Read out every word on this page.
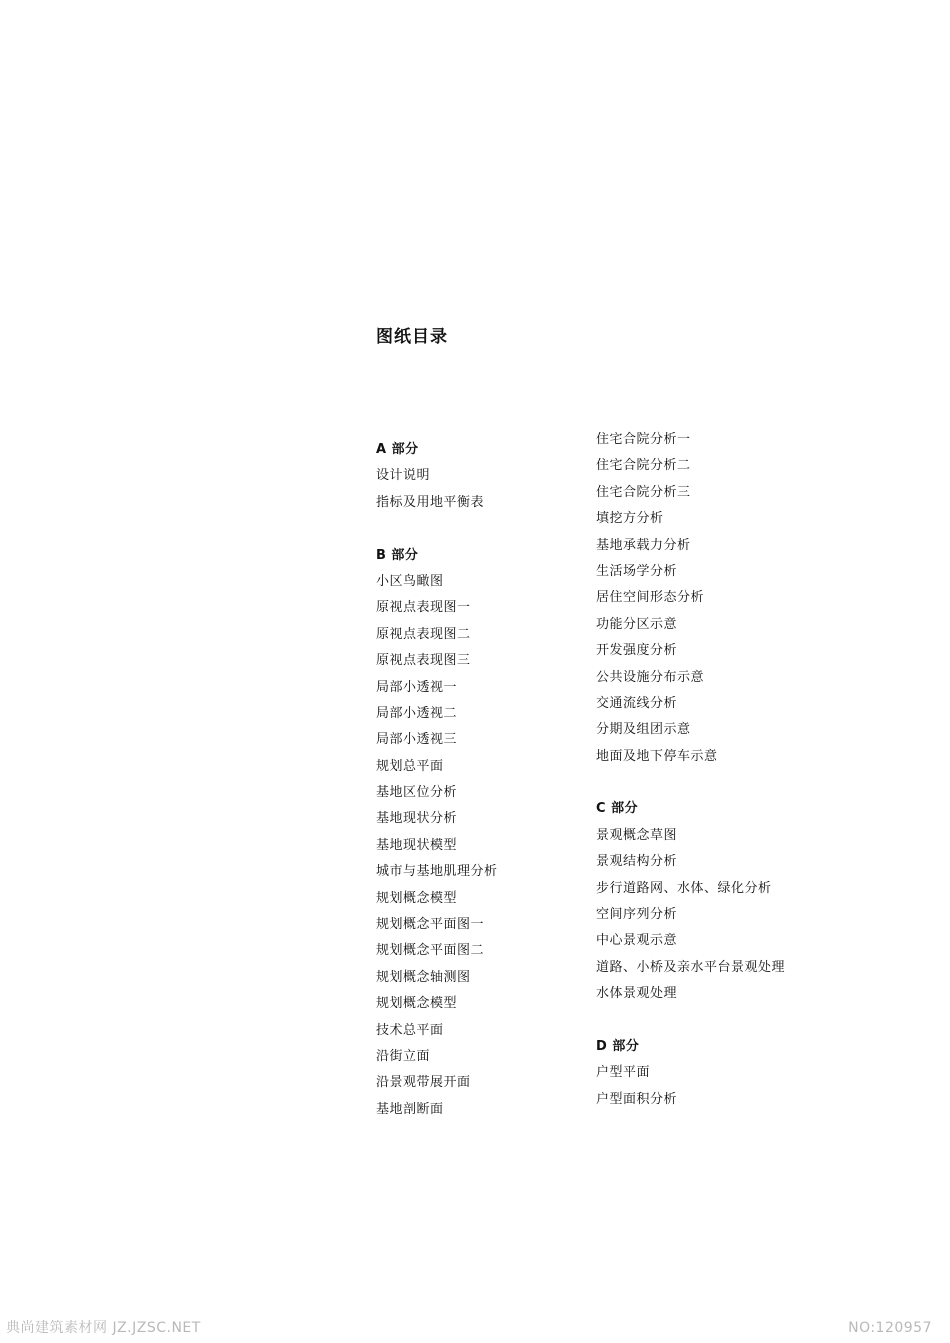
图纸目录
A 部分
设计说明
指标及用地平衡表
B 部分
小区鸟瞰图
原视点表现图一
原视点表现图二
原视点表现图三
局部小透视一
局部小透视二
局部小透视三
规划总平面
基地区位分析
基地现状分析
基地现状模型
城市与基地肌理分析
规划概念模型
规划概念平面图一
规划概念平面图二
规划概念轴测图
规划概念模型
技术总平面
沿街立面
沿景观带展开面
基地剖断面
住宅合院分析一
住宅合院分析二
住宅合院分析三
填挖方分析
基地承载力分析
生活场学分析
居住空间形态分析
功能分区示意
开发强度分析
公共设施分布示意
交通流线分析
分期及组团示意
地面及地下停车示意
C 部分
景观概念草图
景观结构分析
步行道路网、水体、绿化分析
空间序列分析
中心景观示意
道路、小桥及亲水平台景观处理
水体景观处理
D 部分
户型平面
户型面积分析
典尚建筑素材网 JZ.JZSC.NET	NO:120957
